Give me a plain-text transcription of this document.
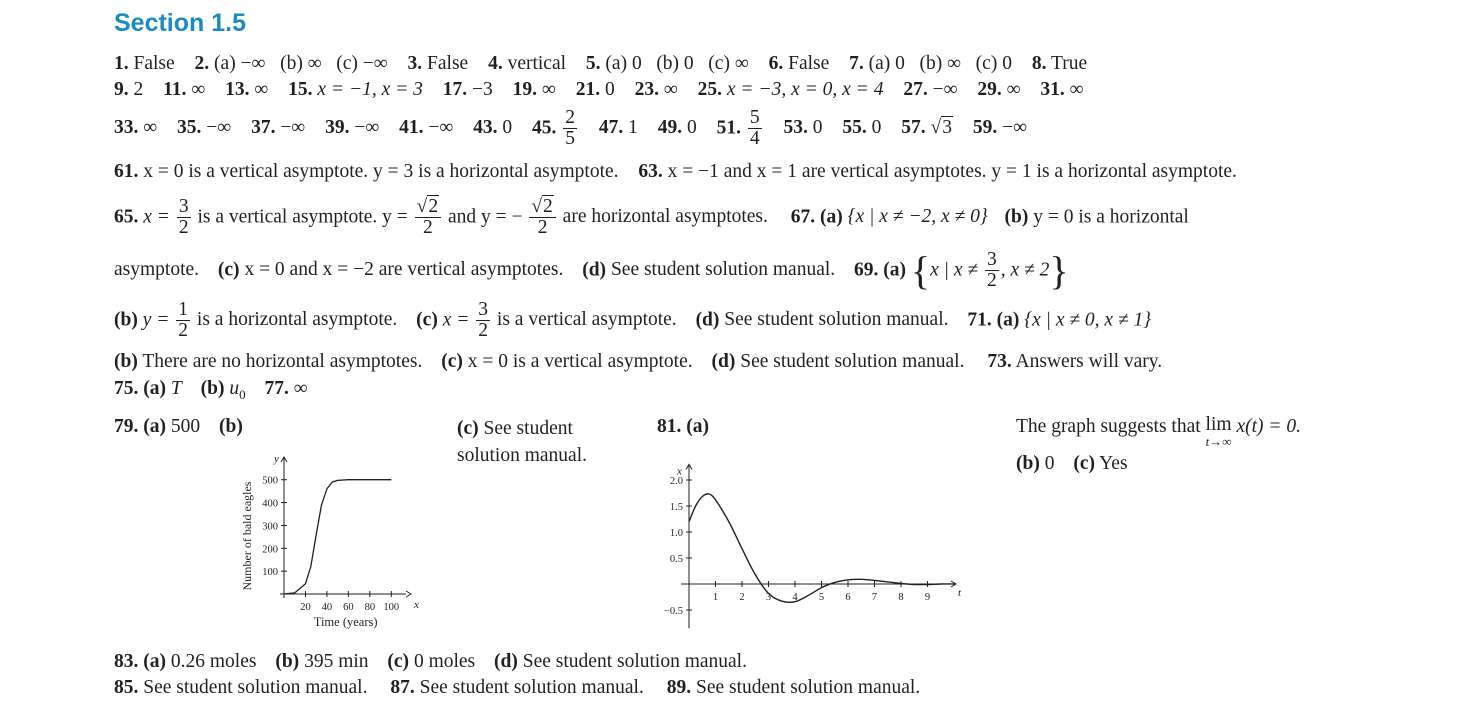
Section 1.5
1. False 2. (a) −∞   (b) ∞   (c) −∞ 3. False 4. vertical 5. (a) 0   (b) 0   (c) ∞ 6. False 7. (a) 0   (b) ∞   (c) 0 8. True
9. 2 11. ∞ 13. ∞ 15. x = −1, x = 3 17. −3 19. ∞ 21. 0 23. ∞ 25. x = −3, x = 0, x = 4 27. −∞ 29. ∞ 31. ∞
33. ∞ 35. −∞ 37. −∞ 39. −∞ 41. −∞ 43. 0 45. $\frac{2}{5} 47$. 1 49. 0 51. $\frac{5}{4} 53$. 0 55. 0 57. √3 59. −∞
61. x = 0 is a vertical asymptote. y = 3 is a horizontal asymptote. 63. x = −1 and x = 1 are vertical asymptotes. y = 1 is a horizontal asymptote.
65. $x = \frac{3}{2}$ is a vertical asymptote. $y = \frac{√2}{2}$ and y = − $\frac{√2}{2}$ are horizontal asymptotes. 67. (a) {x | x ≠ −2, x ≠ 0} (b) y = 0 is a horizontal
asymptote. (c) x = 0 and x = −2 are vertical asymptotes. (d) See student solution manual. 69. (a) {x | $x \ne \frac{3}{2}$ , x ≠ 2}
(b) $y = \frac{1}{2}$ is a horizontal asymptote. (c) $x = \frac{3}{2}$ is a vertical asymptote. (d) See student solution manual. 71. (a) {x | x ≠ 0, x ≠ 1}
(b) There are no horizontal asymptotes. (c) x = 0 is a vertical asymptote. (d) See student solution manual. 73. Answers will vary.
75. (a) T (b) $u_0$ 77. ∞
79. (a) 500 (b)	(c) See student
solution manual.
20 40 60 80 100
100
200
300
400
500
x
y
Time (years)
Number of bald eagles
81. (a)
1 2 3 4 5 6 7 8 9
−0.5
0.5
1.0
1.5
2.0
t
x
The graph suggests that lim
t→∞
x(t) = 0.
(b) 0 (c) Yes
83. (a) 0.26 moles (b) 395 min (c) 0 moles (d) See student solution manual.
85. See student solution manual. 87. See student solution manual. 89. See student solution manual.
